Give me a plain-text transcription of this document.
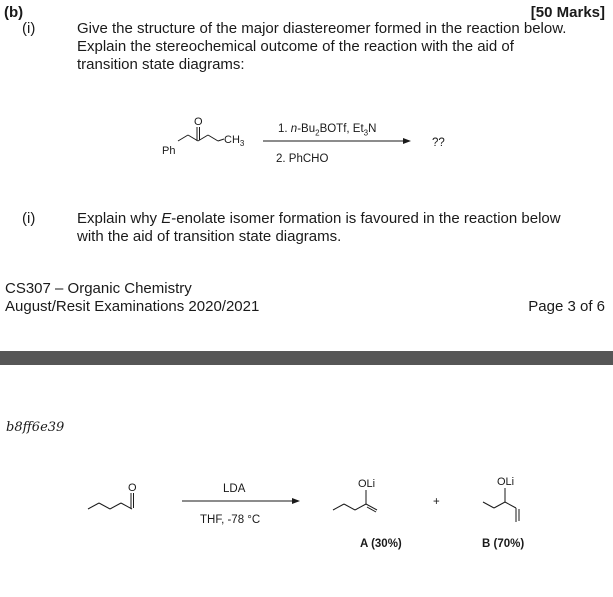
(b)	[50 Marks]
(i)	Give the structure of the major diastereomer formed in the reaction below.
Explain the stereochemical outcome of the reaction with the aid of
transition state diagrams:
O
Ph
$CH_3$
1. $n-Bu_2BOTf$, $Et_3N$
2. PhCHO
??
(i)	Explain why E-enolate isomer formation is favoured in the reaction below
with the aid of transition state diagrams.
CS307 – Organic Chemistry
August/Resit Examinations 2020/2021	Page 3 of 6
b8ff6e39
O	LDA
THF, -78 °C
OLi
+
OLi
A (30%)	B (70%)
